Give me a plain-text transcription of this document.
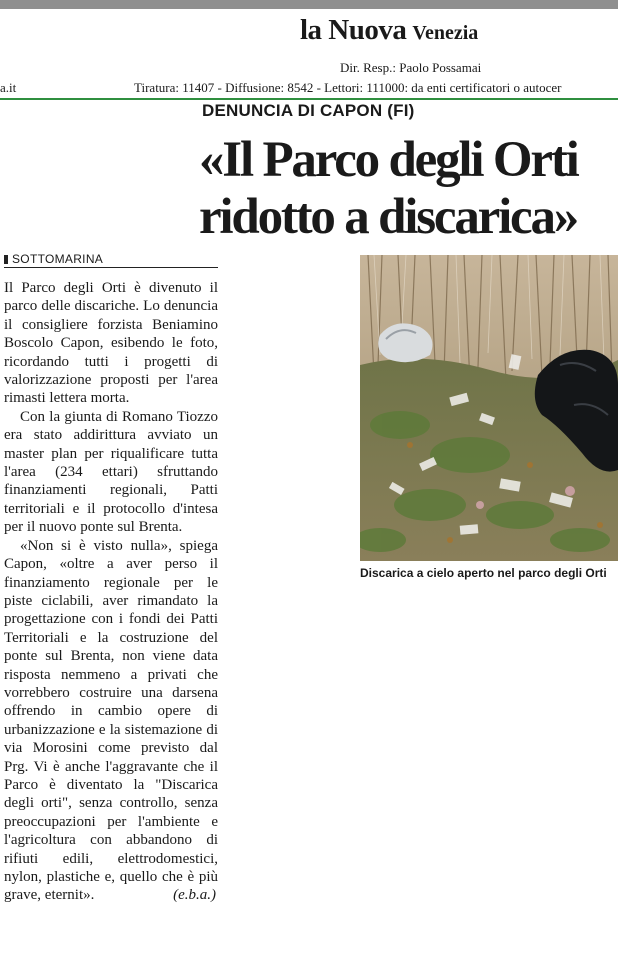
la Nuova Venezia
Dir. Resp.: Paolo Possamai
a.it	Tiratura: 11407 - Diffusione: 8542 - Lettori: 111000: da enti certificatori o autocer
DENUNCIA DI CAPON (FI)
«Il Parco degli Orti
ridotto a discarica»
SOTTOMARINA

Il Parco degli Orti è divenuto il parco delle discariche. Lo denuncia il consigliere forzista Beniamino Boscolo Capon, esibendo le foto, ricordando tutti i progetti di valorizzazione proposti per l'area rimasti lettera morta.

Con la giunta di Romano Tiozzo era stato addirittura avviato un master plan per riqualificare tutta l'area (234 ettari) sfruttando finanziamenti regionali, Patti territoriali e il protocollo d'intesa per il nuovo ponte sul Brenta.

«Non si è visto nulla», spiega Capon, «oltre a aver perso il finanziamento regionale per le piste ciclabili, aver rimandato la progettazione con i fondi dei Patti Territoriali e la costruzione del ponte sul Brenta, non viene data risposta nemmeno a privati che vorrebbero costruire una darsena offrendo in cambio opere di urbanizzazione e la sistemazione di via Morosini come previsto dal Prg. Vi è anche l'aggravante che il Parco è diventato la "Discarica degli orti", senza controllo, senza preoccupazioni per l'ambiente e l'agricoltura con abbandono di rifiuti edili, elettrodomestici, nylon, plastiche e, quello che è più grave, eternit».	(e.b.a.)

Discarica a cielo aperto nel parco degli Orti
